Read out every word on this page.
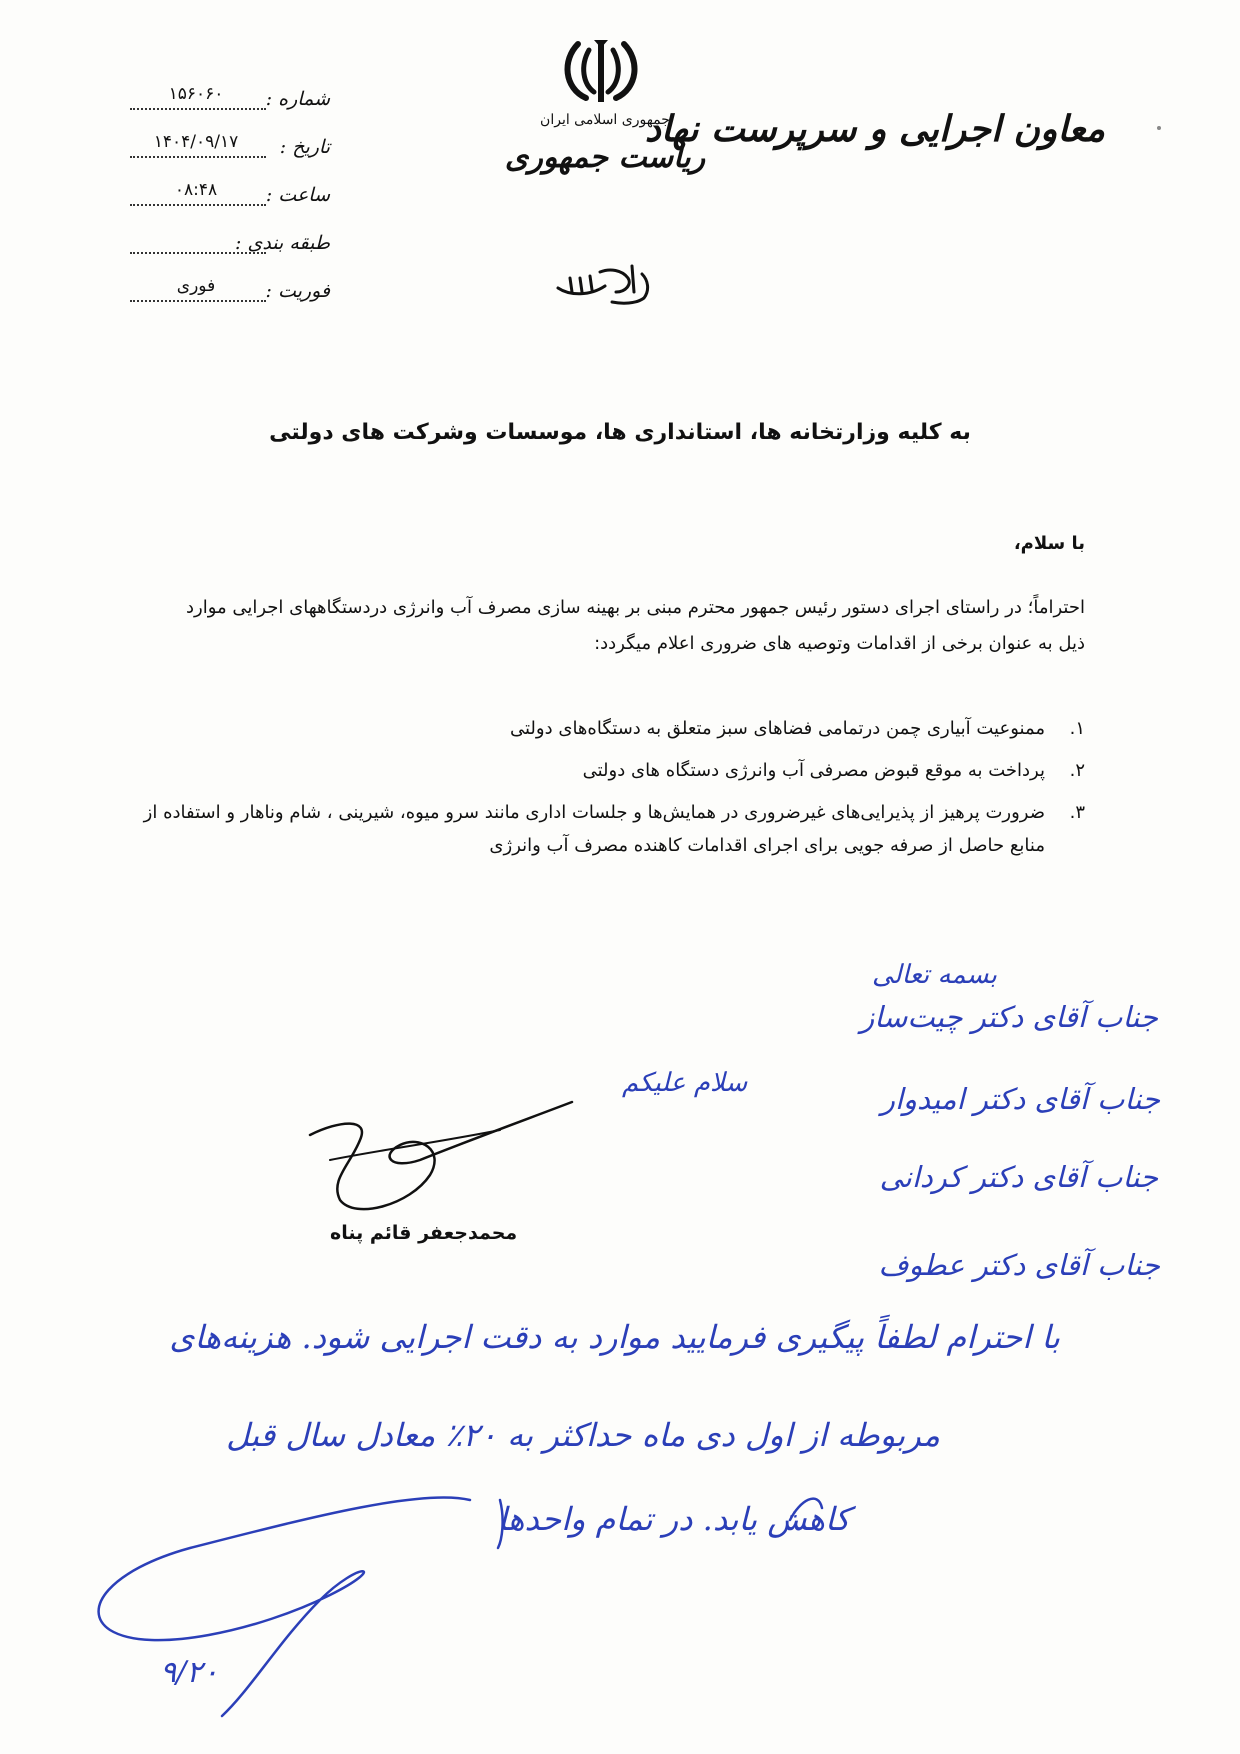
شماره :
۱۵۶۰۶۰
تاریخ :
۱۴۰۴/۰۹/۱۷
ساعت :
۰۸:۴۸
طبقه بندی :
فوریت :
فوری
جمهوری اسلامی ایران
ریاست جمهوری
معاون اجرایی و سرپرست نهاد
به کلیه وزارتخانه ها، استانداری ها، موسسات وشرکت های دولتی
با سلام،
احتراماً؛ در راستای اجرای دستور رئیس جمهور محترم مبنی بر بهینه سازی مصرف آب وانرژی دردستگاههای اجرایی موارد ذیل به عنوان برخی از اقدامات وتوصیه های ضروری اعلام میگردد:
۱.
ممنوعیت آبیاری چمن درتمامی فضاهای سبز متعلق به دستگاه‌های دولتی
۲.
پرداخت به موقع قبوض مصرفی آب وانرژی دستگاه های دولتی
۳.
ضرورت پرهیز از پذیرایی‌های غیرضروری در همایش‌ها و جلسات اداری مانند سرو میوه، شیرینی ، شام وناهار و استفاده از منابع حاصل از صرفه جویی برای اجرای اقدامات کاهنده مصرف آب وانرژی
محمدجعفر قائم پناه
بسمه تعالی
جناب آقای دکتر چیت‌ساز
جناب آقای دکتر امیدوار
جناب آقای دکتر کردانی
جناب آقای دکتر عطوف
سلام علیکم
با احترام لطفاً پیگیری فرمایید موارد به دقت اجرایی شود. هزینه‌های
مربوطه از اول دی ماه حداکثر به ۲۰٪ معادل سال قبل
کاهش یابد. در تمام واحدها
۹/۲۰
